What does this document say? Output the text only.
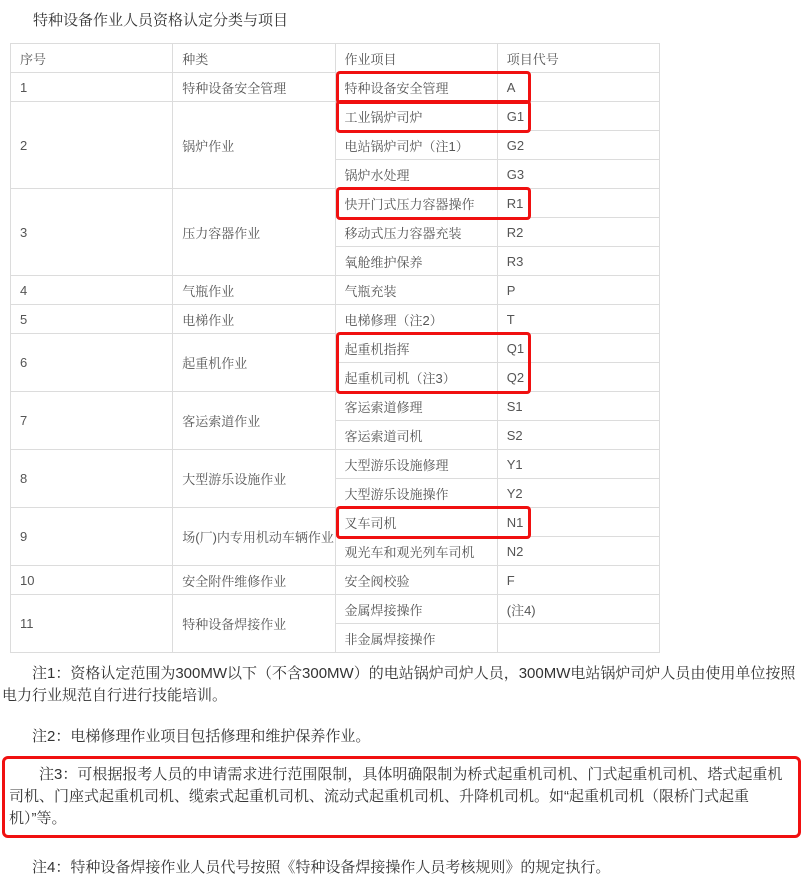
特种设备作业人员资格认定分类与项目

序号	种类	作业项目	项目代号
1	特种设备安全管理	特种设备安全管理	A
2	锅炉作业	工业锅炉司炉	G1
		电站锅炉司炉（注1）	G2
		锅炉水处理	G3
3	压力容器作业	快开门式压力容器操作	R1
		移动式压力容器充装	R2
		氧舱维护保养	R3
4	气瓶作业	气瓶充装	P
5	电梯作业	电梯修理（注2）	T
6	起重机作业	起重机指挥	Q1
		起重机司机（注3）	Q2
7	客运索道作业	客运索道修理	S1
		客运索道司机	S2
8	大型游乐设施作业	大型游乐设施修理	Y1
		大型游乐设施操作	Y2
9	场(厂)内专用机动车辆作业	叉车司机	N1
		观光车和观光列车司机	N2
10	安全附件维修作业	安全阀校验	F
11	特种设备焊接作业	金属焊接操作	(注4)
		非金属焊接操作	

注1：资格认定范围为300MW以下（不含300MW）的电站锅炉司炉人员，300MW电站锅炉司炉人员由使用单位按照电力行业规范自行进行技能培训。

注2：电梯修理作业项目包括修理和维护保养作业。

注3：可根据报考人员的申请需求进行范围限制，具体明确限制为桥式起重机司机、门式起重机司机、塔式起重机司机、门座式起重机司机、缆索式起重机司机、流动式起重机司机、升降机司机。如“起重机司机（限桥门式起重机）”等。

注4：特种设备焊接作业人员代号按照《特种设备焊接操作人员考核规则》的规定执行。
